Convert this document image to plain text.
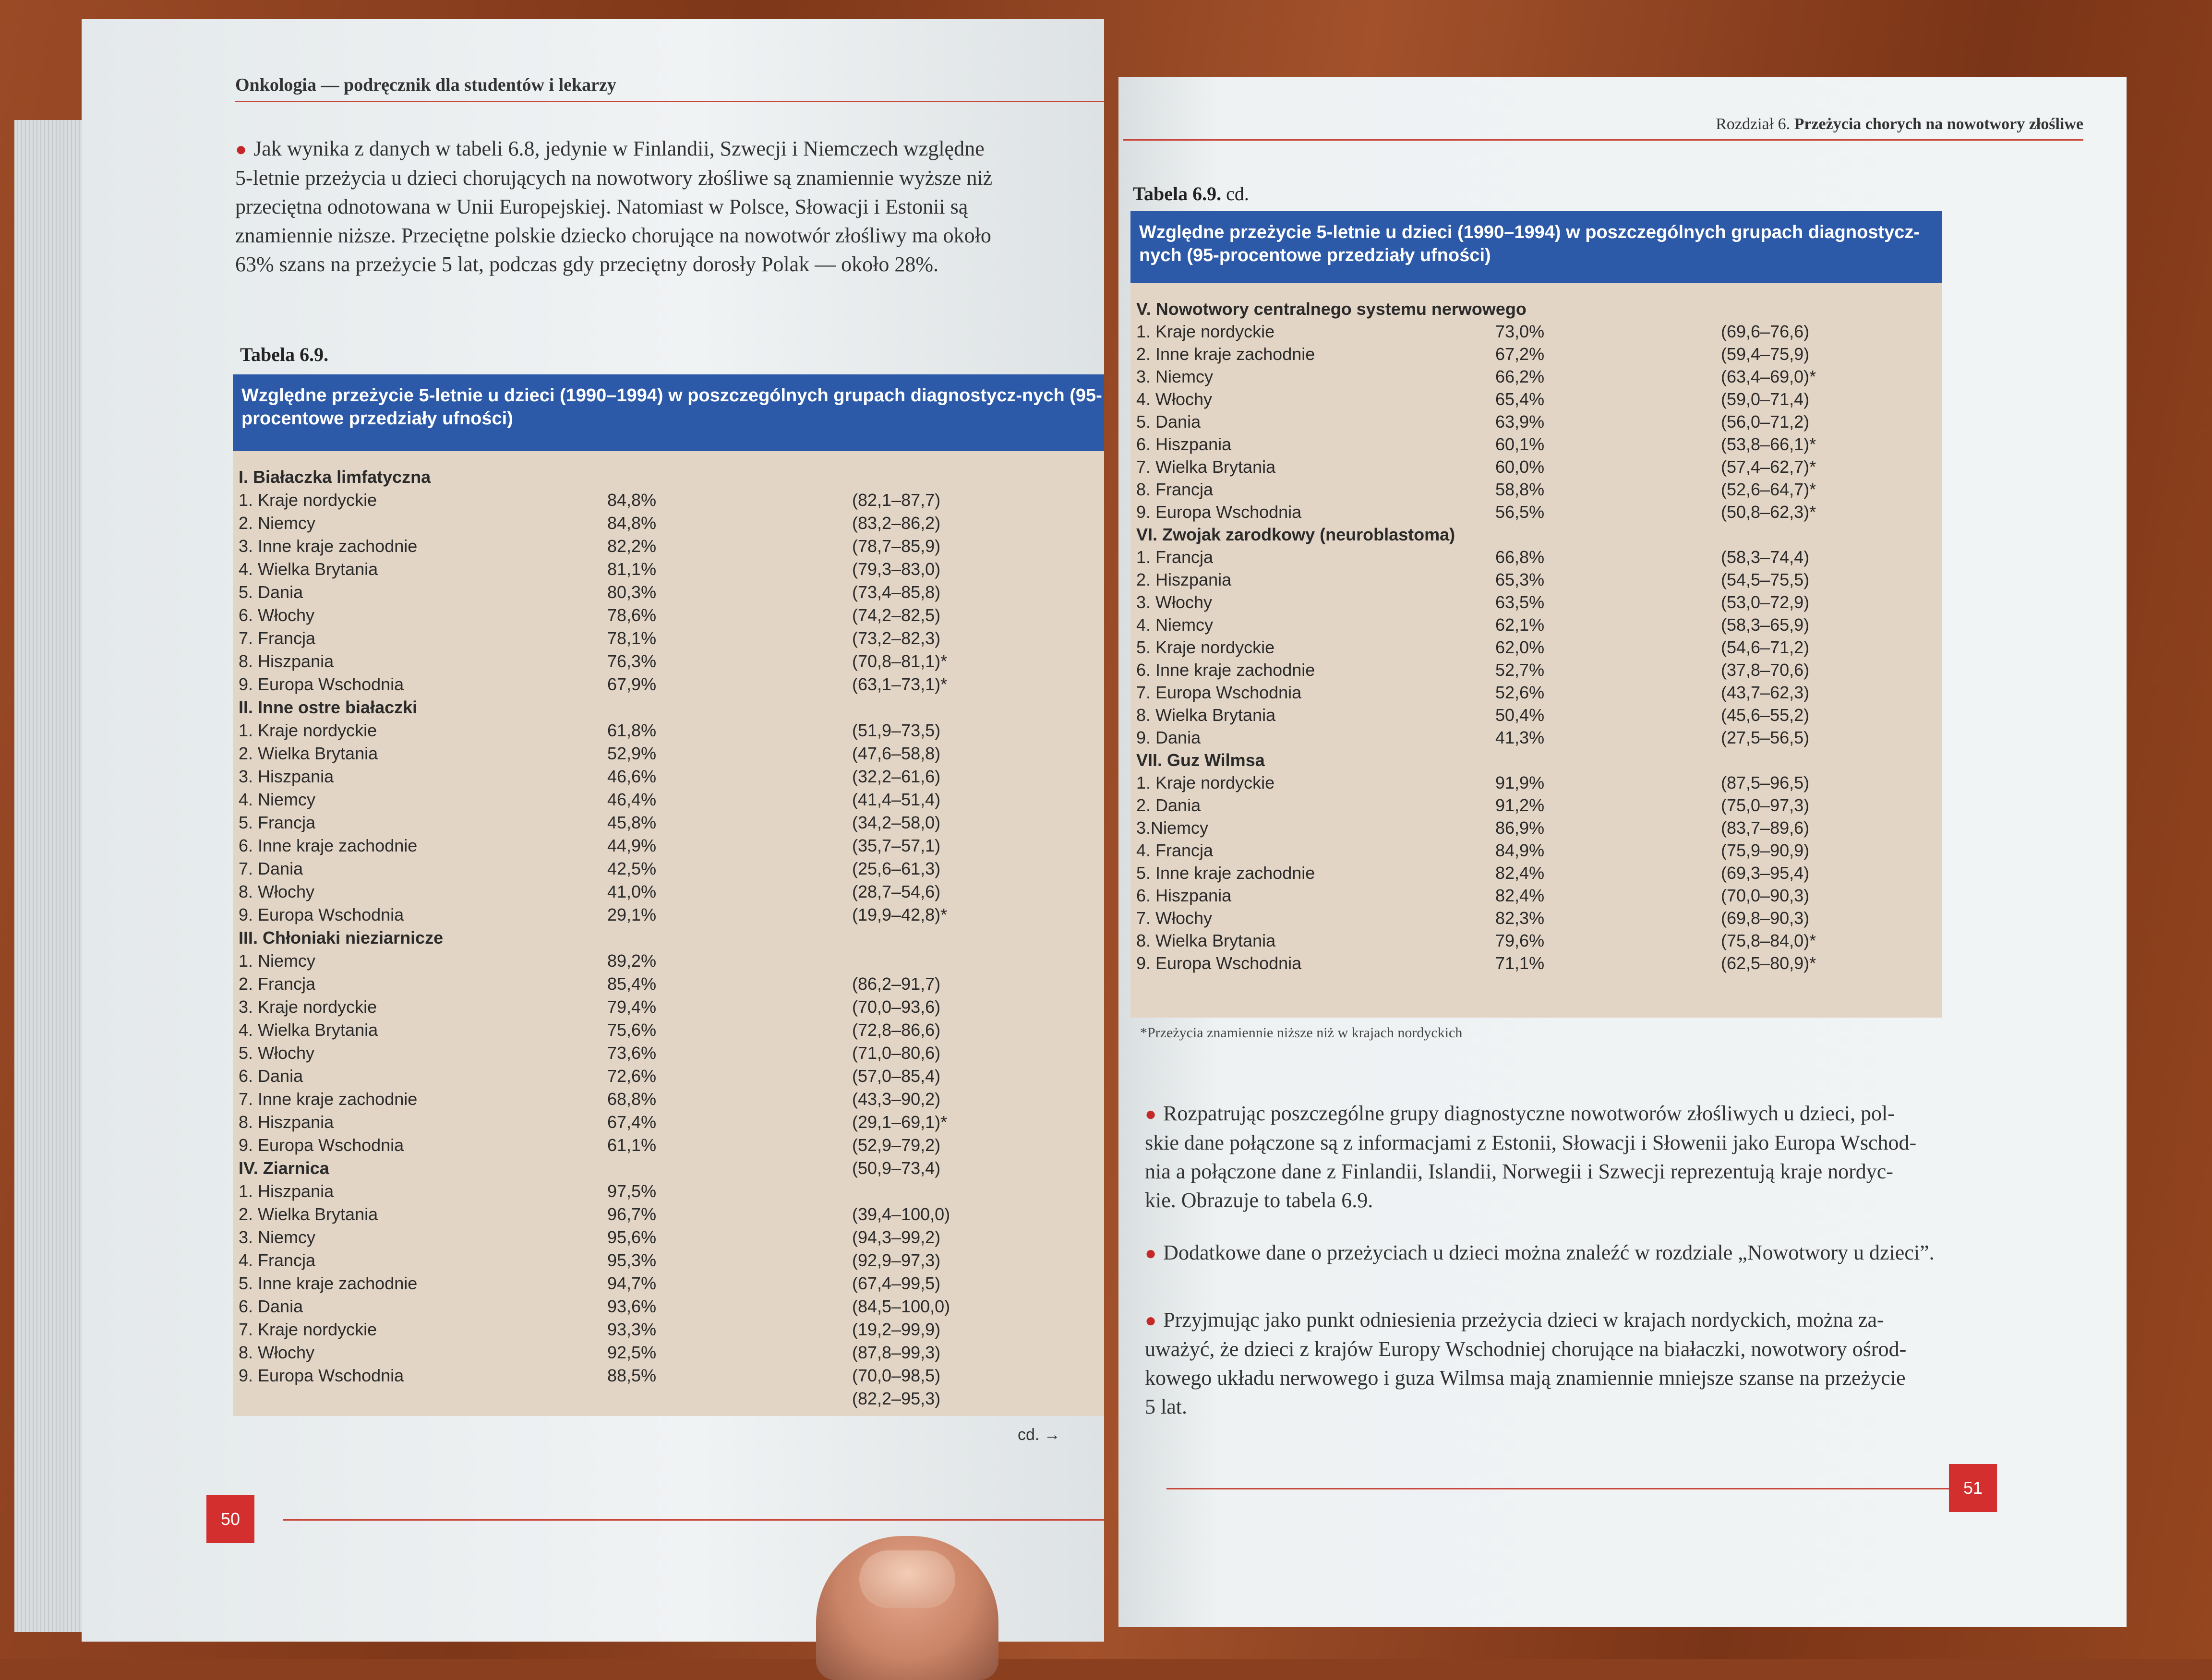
Onkologia — podręcznik dla studentów i lekarzy
● Jak wynika z danych w tabeli 6.8, jedynie w Finlandii, Szwecji i Niemczech względne
5-letnie przeżycia u dzieci chorujących na nowotwory złośliwe są znamiennie wyższe niż
przeciętna odnotowana w Unii Europejskiej. Natomiast w Polsce, Słowacji i Estonii są
znamiennie niższe. Przeciętne polskie dziecko chorujące na nowotwór złośliwy ma około
63% szans na przeżycie 5 lat, podczas gdy przeciętny dorosły Polak — około 28%.
Tabela 6.9.
Względne przeżycie 5-letnie u dzieci (1990–1994) w poszczególnych grupach diagnostycz-nych (95-procentowe przedziały ufności)
I. Białaczka limfatyczna
1. Kraje nordyckie	84,8%	(82,1–87,7)
2. Niemcy	84,8%	(83,2–86,2)
3. Inne kraje zachodnie	82,2%	(78,7–85,9)
4. Wielka Brytania	81,1%	(79,3–83,0)
5. Dania	80,3%	(73,4–85,8)
6. Włochy	78,6%	(74,2–82,5)
7. Francja	78,1%	(73,2–82,3)
8. Hiszpania	76,3%	(70,8–81,1)*
9. Europa Wschodnia	67,9%	(63,1–73,1)*
II. Inne ostre białaczki
1. Kraje nordyckie	61,8%	(51,9–73,5)
2. Wielka Brytania	52,9%	(47,6–58,8)
3. Hiszpania	46,6%	(32,2–61,6)
4. Niemcy	46,4%	(41,4–51,4)
5. Francja	45,8%	(34,2–58,0)
6. Inne kraje zachodnie	44,9%	(35,7–57,1)
7. Dania	42,5%	(25,6–61,3)
8. Włochy	41,0%	(28,7–54,6)
9. Europa Wschodnia	29,1%	(19,9–42,8)*
III. Chłoniaki nieziarnicze
1. Niemcy	89,2%
2. Francja	85,4%	(86,2–91,7)
3. Kraje nordyckie	79,4%	(70,0–93,6)
4. Wielka Brytania	75,6%	(72,8–86,6)
5. Włochy	73,6%	(71,0–80,6)
6. Dania	72,6%	(57,0–85,4)
7. Inne kraje zachodnie	68,8%	(43,3–90,2)
8. Hiszpania	67,4%	(29,1–69,1)*
9. Europa Wschodnia	61,1%	(52,9–79,2)
IV. Ziarnica	(50,9–73,4)
1. Hiszpania	97,5%
2. Wielka Brytania	96,7%	(39,4–100,0)
3. Niemcy	95,6%	(94,3–99,2)
4. Francja	95,3%	(92,9–97,3)
5. Inne kraje zachodnie	94,7%	(67,4–99,5)
6. Dania	93,6%	(84,5–100,0)
7. Kraje nordyckie	93,3%	(19,2–99,9)
8. Włochy	92,5%	(87,8–99,3)
9. Europa Wschodnia	88,5%	(70,0–98,5)
(82,2–95,3)
cd. →
50
Rozdział 6. Przeżycia chorych na nowotwory złośliwe
Tabela 6.9. cd.
Względne przeżycie 5-letnie u dzieci (1990–1994) w poszczególnych grupach diagnostycz-nych (95-procentowe przedziały ufności)
V. Nowotwory centralnego systemu nerwowego
1. Kraje nordyckie	73,0%	(69,6–76,6)
2. Inne kraje zachodnie	67,2%	(59,4–75,9)
3. Niemcy	66,2%	(63,4–69,0)*
4. Włochy	65,4%	(59,0–71,4)
5. Dania	63,9%	(56,0–71,2)
6. Hiszpania	60,1%	(53,8–66,1)*
7. Wielka Brytania	60,0%	(57,4–62,7)*
8. Francja	58,8%	(52,6–64,7)*
9. Europa Wschodnia	56,5%	(50,8–62,3)*
VI. Zwojak zarodkowy (neuroblastoma)
1. Francja	66,8%	(58,3–74,4)
2. Hiszpania	65,3%	(54,5–75,5)
3. Włochy	63,5%	(53,0–72,9)
4. Niemcy	62,1%	(58,3–65,9)
5. Kraje nordyckie	62,0%	(54,6–71,2)
6. Inne kraje zachodnie	52,7%	(37,8–70,6)
7. Europa Wschodnia	52,6%	(43,7–62,3)
8. Wielka Brytania	50,4%	(45,6–55,2)
9. Dania	41,3%	(27,5–56,5)
VII. Guz Wilmsa
1. Kraje nordyckie	91,9%	(87,5–96,5)
2. Dania	91,2%	(75,0–97,3)
3.Niemcy	86,9%	(83,7–89,6)
4. Francja	84,9%	(75,9–90,9)
5. Inne kraje zachodnie	82,4%	(69,3–95,4)
6. Hiszpania	82,4%	(70,0–90,3)
7. Włochy	82,3%	(69,8–90,3)
8. Wielka Brytania	79,6%	(75,8–84,0)*
9. Europa Wschodnia	71,1%	(62,5–80,9)*
*Przeżycia znamiennie niższe niż w krajach nordyckich
● Rozpatrując poszczególne grupy diagnostyczne nowotworów złośliwych u dzieci, pol-
skie dane połączone są z informacjami z Estonii, Słowacji i Słowenii jako Europa Wschod-
nia a połączone dane z Finlandii, Islandii, Norwegii i Szwecji reprezentują kraje nordyc-
kie. Obrazuje to tabela 6.9.
● Dodatkowe dane o przeżyciach u dzieci można znaleźć w rozdziale „Nowotwory u dzieci”.
● Przyjmując jako punkt odniesienia przeżycia dzieci w krajach nordyckich, można za-
uważyć, że dzieci z krajów Europy Wschodniej chorujące na białaczki, nowotwory ośrod-
kowego układu nerwowego i guza Wilmsa mają znamiennie mniejsze szanse na przeżycie
5 lat.
51
